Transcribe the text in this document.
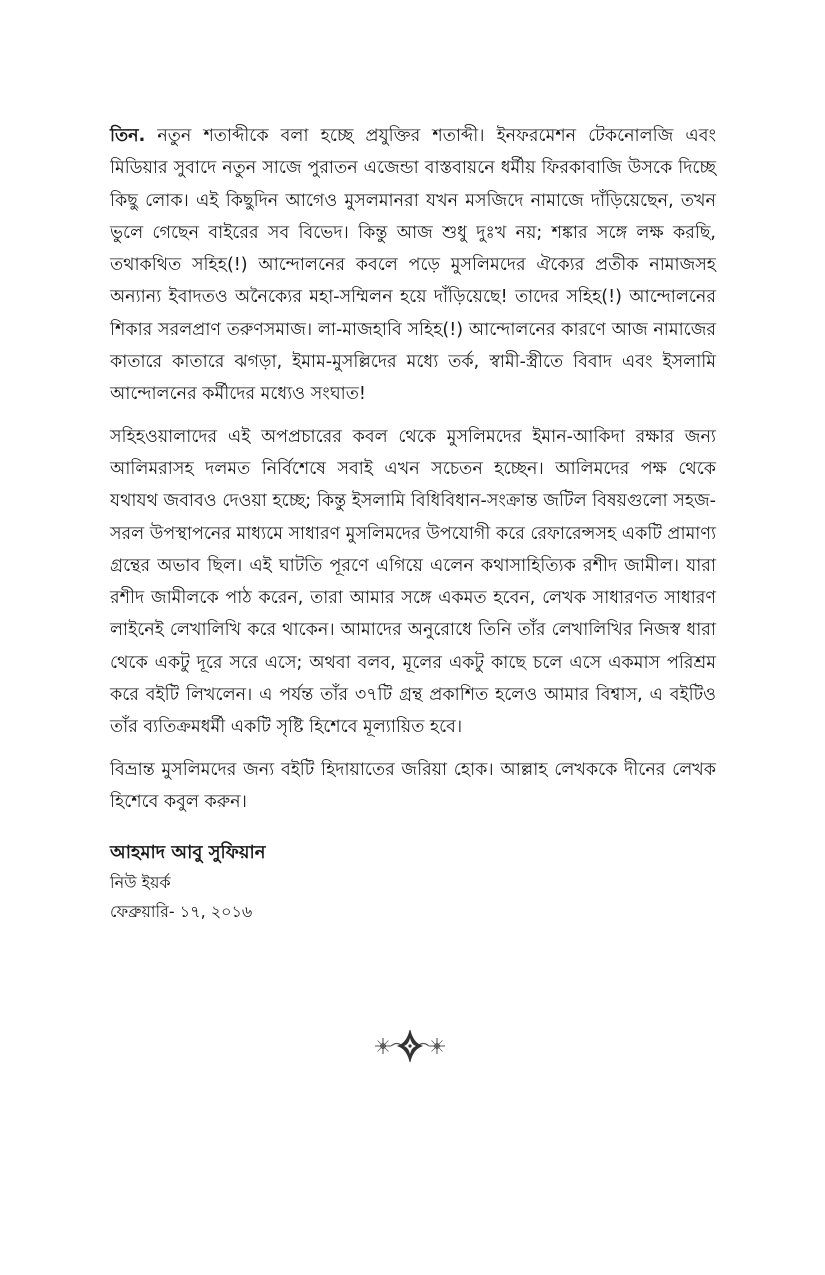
তিন. নতুন শতাব্দীকে বলা হচ্ছে প্রযুক্তির শতাব্দী। ইনফরমেশন টেকনোলজি এবং মিডিয়ার সুবাদে নতুন সাজে পুরাতন এজেন্ডা বাস্তবায়নে ধর্মীয় ফিরকাবাজি উসকে দিচ্ছে কিছু লোক। এই কিছুদিন আগেও মুসলমানরা যখন মসজিদে নামাজে দাঁড়িয়েছেন, তখন ভুলে গেছেন বাইরের সব বিভেদ। কিন্তু আজ শুধু দুঃখ নয়; শঙ্কার সঙ্গে লক্ষ করছি, তথাকথিত সহিহ(!) আন্দোলনের কবলে পড়ে মুসলিমদের ঐক্যের প্রতীক নামাজসহ অন্যান্য ইবাদতও অনৈক্যের মহা-সম্মিলন হয়ে দাঁড়িয়েছে! তাদের সহিহ(!) আন্দোলনের শিকার সরলপ্রাণ তরুণসমাজ। লা-মাজহাবি সহিহ(!) আন্দোলনের কারণে আজ নামাজের কাতারে কাতারে ঝগড়া, ইমাম-মুসল্লিদের মধ্যে তর্ক, স্বামী-স্ত্রীতে বিবাদ এবং ইসলামি আন্দোলনের কর্মীদের মধ্যেও সংঘাত!

সহিহওয়ালাদের এই অপপ্রচারের কবল থেকে মুসলিমদের ইমান-আকিদা রক্ষার জন্য আলিমরাসহ দলমত নির্বিশেষে সবাই এখন সচেতন হচ্ছেন। আলিমদের পক্ষ থেকে যথাযথ জবাবও দেওয়া হচ্ছে; কিন্তু ইসলামি বিধিবিধান-সংক্রান্ত জটিল বিষয়গুলো সহজ-সরল উপস্থাপনের মাধ্যমে সাধারণ মুসলিমদের উপযোগী করে রেফারেন্সসহ একটি প্রামাণ্য গ্রন্থের অভাব ছিল। এই ঘাটতি পূরণে এগিয়ে এলেন কথাসাহিত্যিক রশীদ জামীল। যারা রশীদ জামীলকে পাঠ করেন, তারা আমার সঙ্গে একমত হবেন, লেখক সাধারণত সাধারণ লাইনেই লেখালিখি করে থাকেন। আমাদের অনুরোধে তিনি তাঁর লেখালিখির নিজস্ব ধারা থেকে একটু দূরে সরে এসে; অথবা বলব, মূলের একটু কাছে চলে এসে একমাস পরিশ্রম করে বইটি লিখলেন। এ পর্যন্ত তাঁর ৩৭টি গ্রন্থ প্রকাশিত হলেও আমার বিশ্বাস, এ বইটিও তাঁর ব্যতিক্রমধর্মী একটি সৃষ্টি হিশেবে মূল্যায়িত হবে।

বিভ্রান্ত মুসলিমদের জন্য বইটি হিদায়াতের জরিয়া হোক। আল্লাহ লেখককে দীনের লেখক হিশেবে কবুল করুন।

আহমাদ আবু সুফিয়ান
নিউ ইয়র্ক
ফেব্রুয়ারি- ১৭, ২০১৬
